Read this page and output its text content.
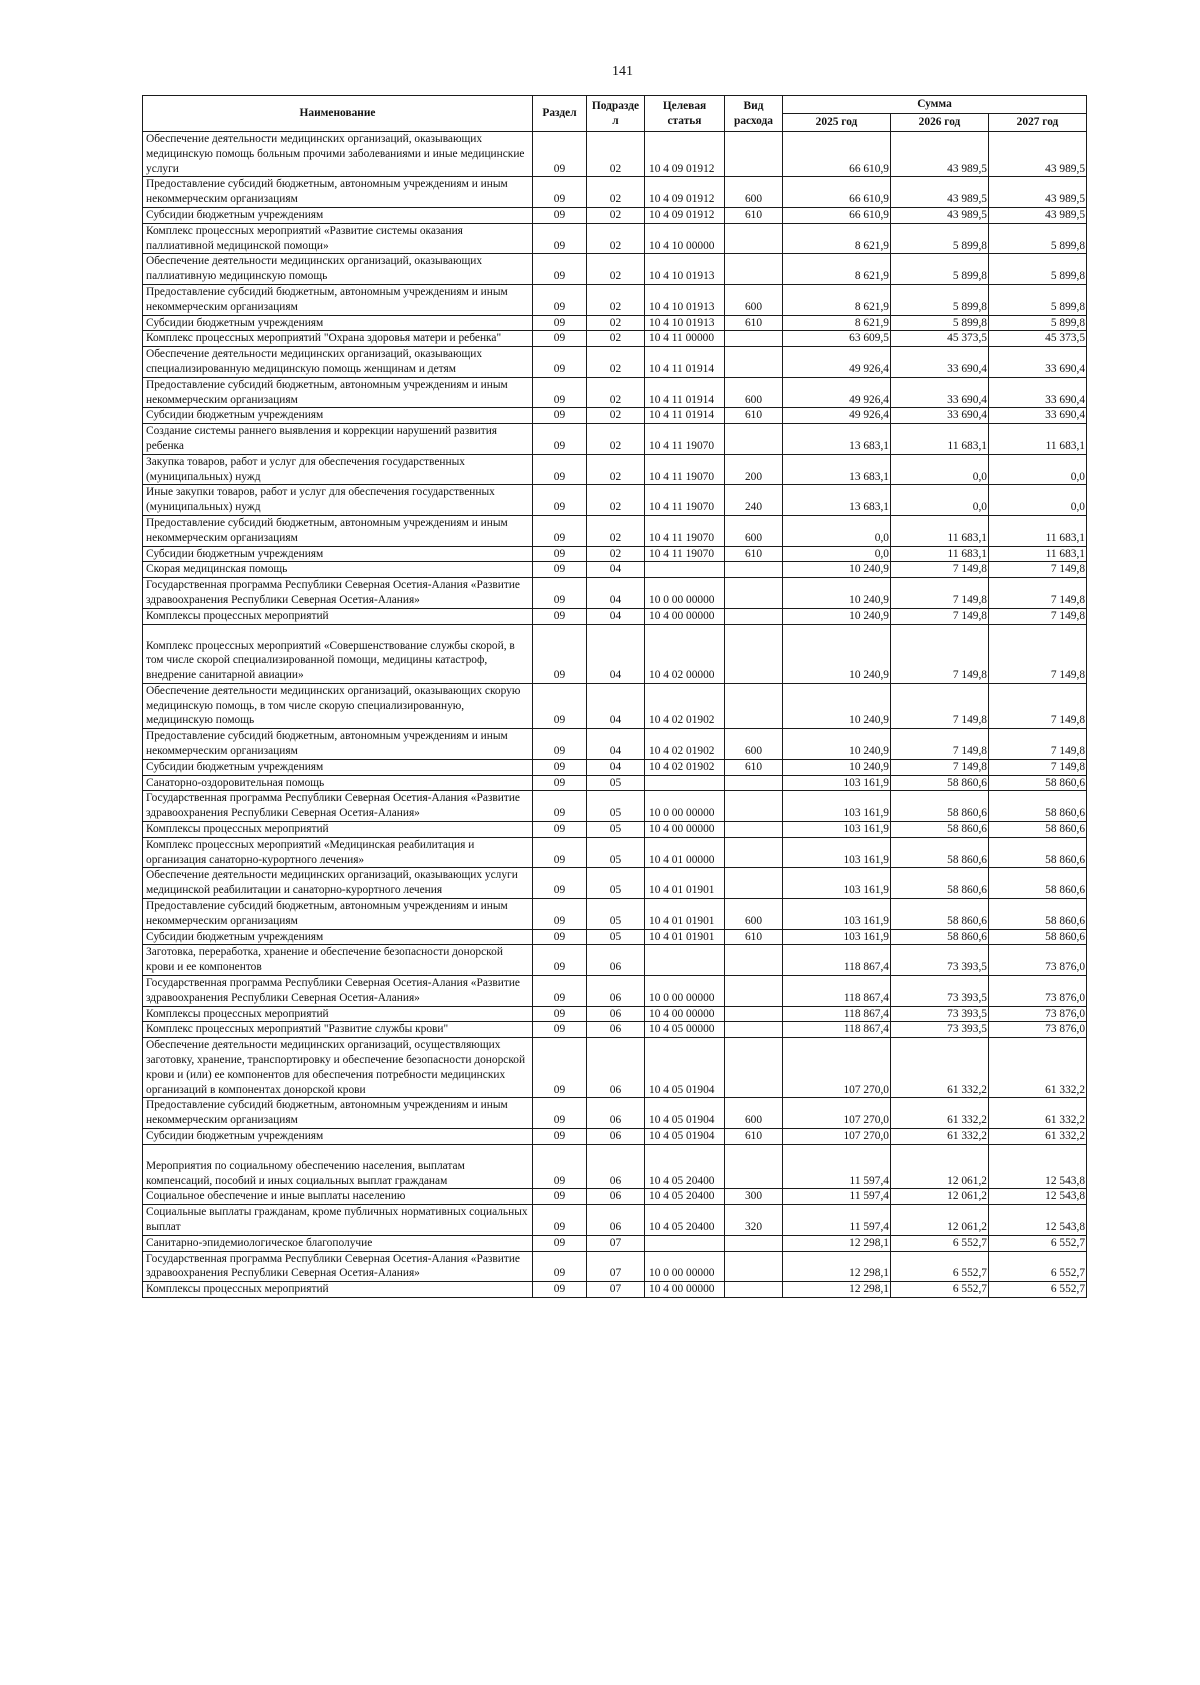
141
Наименование	Раздел	Подразде л	Целевая статья	Вид расхода	Сумма		
					2025 год	2026 год	2027 год
Обеспечение деятельности медицинских организаций, оказывающих медицинскую помощь больным прочими заболеваниями и иные медицинские услуги	09	02	10 4 09 01912		66 610,9	43 989,5	43 989,5
Предоставление субсидий бюджетным, автономным учреждениям и иным некоммерческим организациям	09	02	10 4 09 01912	600	66 610,9	43 989,5	43 989,5
Субсидии бюджетным учреждениям	09	02	10 4 09 01912	610	66 610,9	43 989,5	43 989,5
Комплекс процессных мероприятий «Развитие системы оказания паллиативной медицинской помощи»	09	02	10 4 10 00000		8 621,9	5 899,8	5 899,8
Обеспечение деятельности медицинских организаций, оказывающих паллиативную медицинскую помощь	09	02	10 4 10 01913		8 621,9	5 899,8	5 899,8
Предоставление субсидий бюджетным, автономным учреждениям и иным некоммерческим организациям	09	02	10 4 10 01913	600	8 621,9	5 899,8	5 899,8
Субсидии бюджетным учреждениям	09	02	10 4 10 01913	610	8 621,9	5 899,8	5 899,8
Комплекс процессных мероприятий "Охрана здоровья матери и ребенка"	09	02	10 4 11 00000		63 609,5	45 373,5	45 373,5
Обеспечение деятельности медицинских организаций, оказывающих специализированную медицинскую помощь женщинам и детям	09	02	10 4 11 01914		49 926,4	33 690,4	33 690,4
Предоставление субсидий бюджетным, автономным учреждениям и иным некоммерческим организациям	09	02	10 4 11 01914	600	49 926,4	33 690,4	33 690,4
Субсидии бюджетным учреждениям	09	02	10 4 11 01914	610	49 926,4	33 690,4	33 690,4
Создание системы раннего выявления и коррекции нарушений развития ребенка	09	02	10 4 11 19070		13 683,1	11 683,1	11 683,1
Закупка товаров, работ и услуг для обеспечения государственных (муниципальных) нужд	09	02	10 4 11 19070	200	13 683,1	0,0	0,0
Иные закупки товаров, работ и услуг для обеспечения государственных (муниципальных) нужд	09	02	10 4 11 19070	240	13 683,1	0,0	0,0
Предоставление субсидий бюджетным, автономным учреждениям и иным некоммерческим организациям	09	02	10 4 11 19070	600	0,0	11 683,1	11 683,1
Субсидии бюджетным учреждениям	09	02	10 4 11 19070	610	0,0	11 683,1	11 683,1
Скорая медицинская помощь	09	04			10 240,9	7 149,8	7 149,8
Государственная программа Республики Северная Осетия-Алания «Развитие здравоохранения Республики Северная Осетия-Алания»	09	04	10 0 00 00000		10 240,9	7 149,8	7 149,8
Комплексы процессных мероприятий	09	04	10 4 00 00000		10 240,9	7 149,8	7 149,8
Комплекс процессных мероприятий «Совершенствование службы скорой, в том числе скорой специализированной помощи, медицины катастроф, внедрение санитарной авиации»	09	04	10 4 02 00000		10 240,9	7 149,8	7 149,8
Обеспечение деятельности медицинских организаций, оказывающих скорую медицинскую помощь, в том числе скорую специализированную, медицинскую помощь	09	04	10 4 02 01902		10 240,9	7 149,8	7 149,8
Предоставление субсидий бюджетным, автономным учреждениям и иным некоммерческим организациям	09	04	10 4 02 01902	600	10 240,9	7 149,8	7 149,8
Субсидии бюджетным учреждениям	09	04	10 4 02 01902	610	10 240,9	7 149,8	7 149,8
Санаторно-оздоровительная помощь	09	05			103 161,9	58 860,6	58 860,6
Государственная программа Республики Северная Осетия-Алания «Развитие здравоохранения Республики Северная Осетия-Алания»	09	05	10 0 00 00000		103 161,9	58 860,6	58 860,6
Комплексы процессных мероприятий	09	05	10 4 00 00000		103 161,9	58 860,6	58 860,6
Комплекс процессных мероприятий «Медицинская реабилитация и организация санаторно-курортного лечения»	09	05	10 4 01 00000		103 161,9	58 860,6	58 860,6
Обеспечение деятельности медицинских организаций, оказывающих услуги медицинской реабилитации и санаторно-курортного лечения	09	05	10 4 01 01901		103 161,9	58 860,6	58 860,6
Предоставление субсидий бюджетным, автономным учреждениям и иным некоммерческим организациям	09	05	10 4 01 01901	600	103 161,9	58 860,6	58 860,6
Субсидии бюджетным учреждениям	09	05	10 4 01 01901	610	103 161,9	58 860,6	58 860,6
Заготовка, переработка, хранение и обеспечение безопасности донорской крови и ее компонентов	09	06			118 867,4	73 393,5	73 876,0
Государственная программа Республики Северная Осетия-Алания «Развитие здравоохранения Республики Северная Осетия-Алания»	09	06	10 0 00 00000		118 867,4	73 393,5	73 876,0
Комплексы процессных мероприятий	09	06	10 4 00 00000		118 867,4	73 393,5	73 876,0
Комплекс процессных мероприятий "Развитие службы крови"	09	06	10 4 05 00000		118 867,4	73 393,5	73 876,0
Обеспечение деятельности медицинских организаций, осуществляющих заготовку, хранение, транспортировку и обеспечение безопасности донорской крови и (или) ее компонентов для обеспечения потребности медицинских организаций в компонентах донорской крови	09	06	10 4 05 01904		107 270,0	61 332,2	61 332,2
Предоставление субсидий бюджетным, автономным учреждениям и иным некоммерческим организациям	09	06	10 4 05 01904	600	107 270,0	61 332,2	61 332,2
Субсидии бюджетным учреждениям	09	06	10 4 05 01904	610	107 270,0	61 332,2	61 332,2
Мероприятия по социальному обеспечению населения, выплатам компенсаций, пособий и иных социальных выплат гражданам	09	06	10 4 05 20400		11 597,4	12 061,2	12 543,8
Социальное обеспечение и иные выплаты населению	09	06	10 4 05 20400	300	11 597,4	12 061,2	12 543,8
Социальные выплаты гражданам, кроме публичных нормативных социальных выплат	09	06	10 4 05 20400	320	11 597,4	12 061,2	12 543,8
Санитарно-эпидемиологическое благополучие	09	07			12 298,1	6 552,7	6 552,7
Государственная программа Республики Северная Осетия-Алания «Развитие здравоохранения Республики Северная Осетия-Алания»	09	07	10 0 00 00000		12 298,1	6 552,7	6 552,7
Комплексы процессных мероприятий	09	07	10 4 00 00000		12 298,1	6 552,7	6 552,7
